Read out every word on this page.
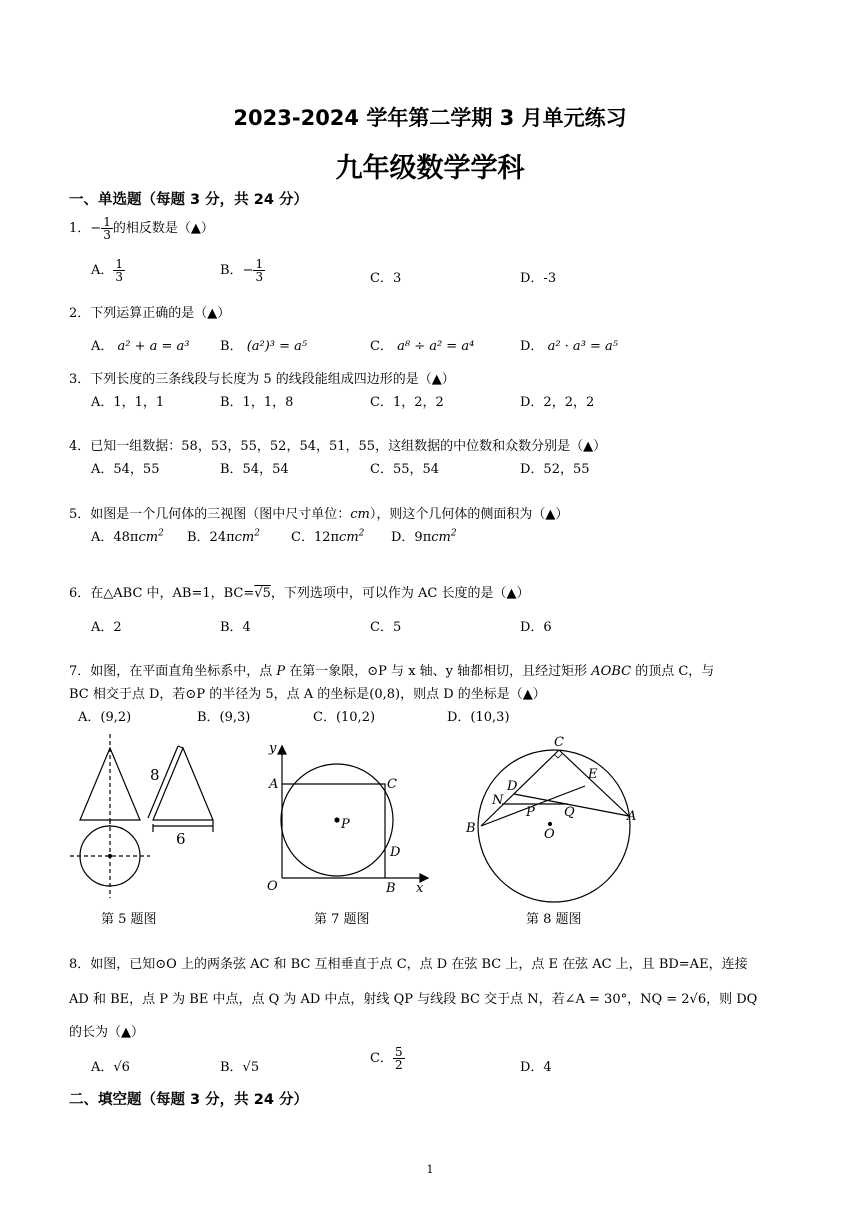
2023-2024 学年第二学期 3 月单元练习
九年级数学学科
一、单选题（每题 3 分，共 24 分）
1．− $\frac{1}{3}$ 的相反数是（▲）
A． $\frac{1}{3}$	B．− $\frac{1}{3}$	C．3	D．-3
2．下列运算正确的是（▲）
A． a² + a = a³ B． (a²)³ = a⁵	C． a⁸ ÷ a² = a⁴	D． a² · a³ = a⁵
3．下列长度的三条线段与长度为 5 的线段能组成四边形的是（▲）
A．1，1，1	B．1，1，8	C．1，2，2	D．2，2，2
4．已知一组数据：58，53，55，52，54，51，55，这组数据的中位数和众数分别是（▲）
A．54，55	B．54，54	C．55，54	D．52，55
5．如图是一个几何体的三视图（图中尺寸单位：cm），则这个几何体的侧面积为（▲）
A．48πcm$^2$ B．24πcm$^2$ C．12πcm$^2$ D．9πcm$^2$
6．在△ABC 中，AB=1，BC=√5，下列选项中，可以作为 AC 长度的是（▲）
A．2	B．4	C．5	D．6
7．如图，在平面直角坐标系中，点 P 在第一象限，⊙P 与 x 轴、y 轴都相切，且经过矩形 AOBC 的顶点 C，与
BC 相交于点 D，若⊙P 的半径为 5，点 A 的坐标是(0,8)，则点 D 的坐标是（▲）
A．(9,2)	B．(9,3)	C．(10,2)	D．(10,3)
8
6
y
x
A	C
P
D
O	B
C
E
D
N
P Q
B
A
O
第 5 题图	第 7 题图	第 8 题图
8．如图，已知⊙O 上的两条弦 AC 和 BC 互相垂直于点 C，点 D 在弦 BC 上，点 E 在弦 AC 上，且 BD=AE，连接
AD 和 BE，点 P 为 BE 中点，点 Q 为 AD 中点，射线 QP 与线段 BC 交于点 N，若∠A = 30°，NQ = 2√6，则 DQ
的长为（▲）
A．√6	B．√5
C． $\frac{5}{2}$	D．4
二、填空题（每题 3 分，共 24 分）
1
